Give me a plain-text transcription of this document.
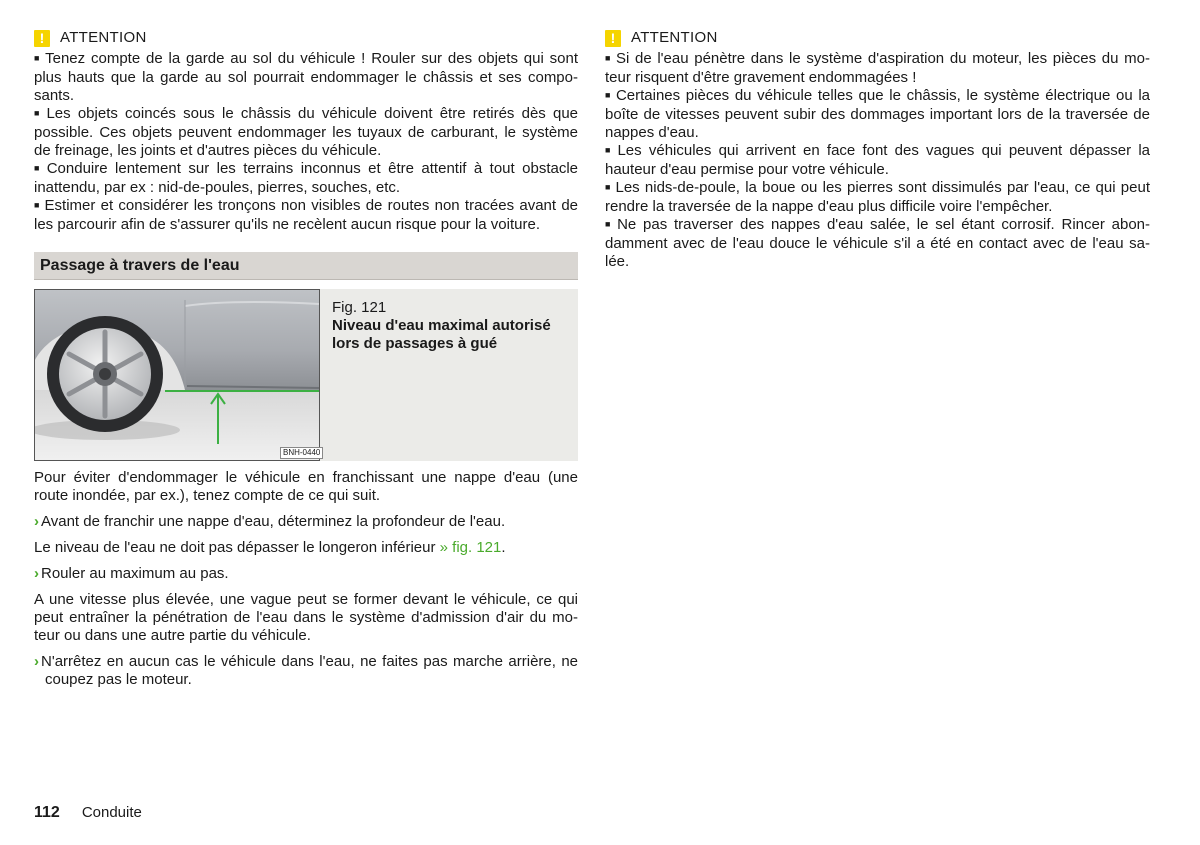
!	ATTENTION

■ Tenez compte de la garde au sol du véhicule ! Rouler sur des objets qui sont plus hauts que la garde au sol pourrait endommager le châssis et ses compo-sants.

■ Les objets coincés sous le châssis du véhicule doivent être retirés dès que possible. Ces objets peuvent endommager les tuyaux de carburant, le système de freinage, les joints et d'autres pièces du véhicule.

■ Conduire lentement sur les terrains inconnus et être attentif à tout obstacle inattendu, par ex : nid-de-poules, pierres, souches, etc.

■ Estimer et considérer les tronçons non visibles de routes non tracées avant de les parcourir afin de s'assurer qu'ils ne recèlent aucun risque pour la voiture.

Passage à travers de l'eau
BNH-0440
Fig. 121
Niveau d'eau maximal autorisé lors de passages à gué

Pour éviter d'endommager le véhicule en franchissant une nappe d'eau (une route inondée, par ex.), tenez compte de ce qui suit.

› Avant de franchir une nappe d'eau, déterminez la profondeur de l'eau.

Le niveau de l'eau ne doit pas dépasser le longeron inférieur » fig. 121.

› Rouler au maximum au pas.

A une vitesse plus élevée, une vague peut se former devant le véhicule, ce qui peut entraîner la pénétration de l'eau dans le système d'admission d'air du mo-teur ou dans une autre partie du véhicule.

› N'arrêtez en aucun cas le véhicule dans l'eau, ne faites pas marche arrière, ne coupez pas le moteur.

!	ATTENTION

■ Si de l'eau pénètre dans le système d'aspiration du moteur, les pièces du mo-teur risquent d'être gravement endommagées !

■ Certaines pièces du véhicule telles que le châssis, le système électrique ou la boîte de vitesses peuvent subir des dommages important lors de la traversée de nappes d'eau.

■ Les véhicules qui arrivent en face font des vagues qui peuvent dépasser la hauteur d'eau permise pour votre véhicule.

■ Les nids-de-poule, la boue ou les pierres sont dissimulés par l'eau, ce qui peut rendre la traversée de la nappe d'eau plus difficile voire l'empêcher.

■ Ne pas traverser des nappes d'eau salée, le sel étant corrosif. Rincer abon-damment avec de l'eau douce le véhicule s'il a été en contact avec de l'eau sa-lée.

112 Conduite
